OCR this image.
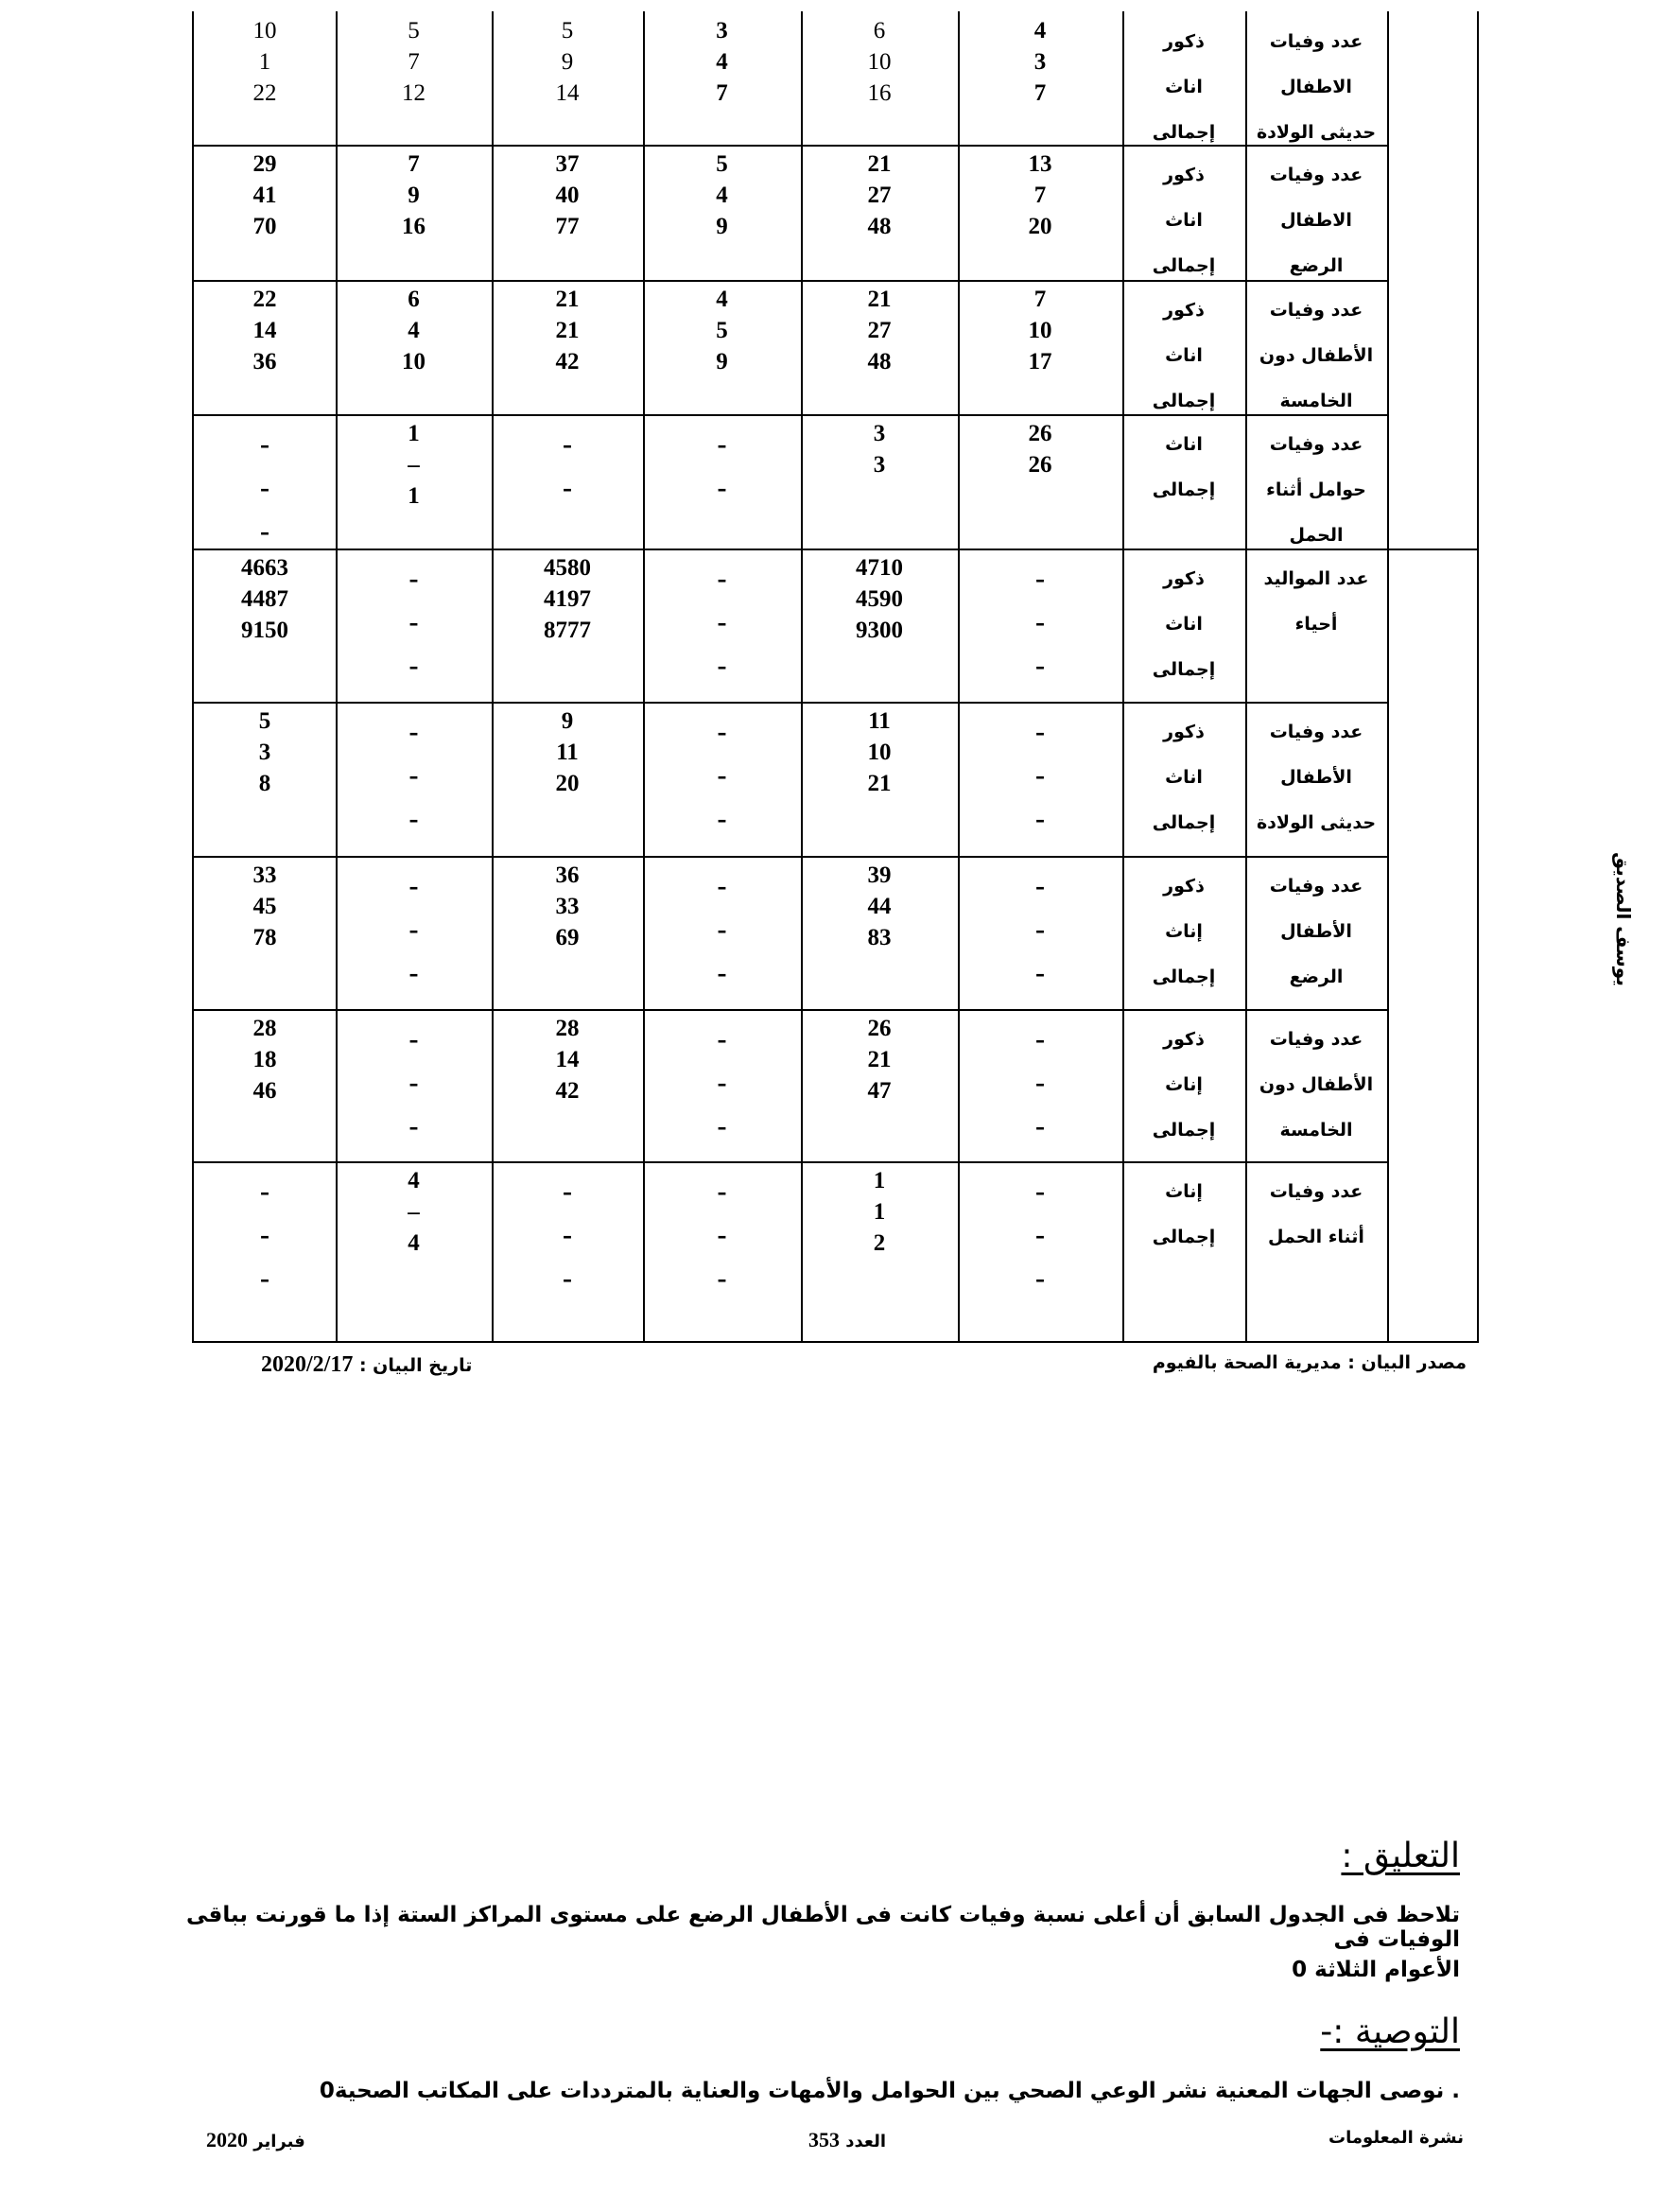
10
1
22
5
7
12
5
9
14
3
4
7
6
10
16
4
3
7
ذكور اناث إجمالى
عدد وفيات الاطفال حديثى الولادة
29
41
70
7
9
16
37
40
77
5
4
9
21
27
48
13
7
20
ذكور اناث إجمالى
عدد وفيات الاطفال الرضع
22
14
36
6
4
10
21
21
42
4
5
9
21
27
48
7
10
17
ذكور اناث إجمالى
عدد وفيات الأطفال دون الخامسة
–
–
–
1
–
1
–
–
–
–
3
3
26
26
اناث إجمالى
عدد وفيات حوامل أثناء الحمل
4663
4487
9150
–
–
–
4580
4197
8777
–
–
–
4710
4590
9300
–
–
–
ذكور اناث إجمالى
عدد المواليد أحياء
5
3
8
–
–
–
9
11
20
–
–
–
11
10
21
–
–
–
ذكور اناث إجمالى
عدد وفيات الأطفال حديثى الولادة
33
45
78
–
–
–
36
33
69
–
–
–
39
44
83
–
–
–
ذكور إناث إجمالى
عدد وفيات الأطفال الرضع
28
18
46
–
–
–
28
14
42
–
–
–
26
21
47
–
–
–
ذكور إناث إجمالى
عدد وفيات الأطفال دون الخامسة
–
–
–
4
–
4
–
–
–
–
–
–
1
1
2
–
–
–
إناث إجمالى
عدد وفيات أثناء الحمل
يوسف الصديق
مصدر البيان : مديرية الصحة بالفيوم
تاريخ البيان : 2020/2/17
التعليق :
تلاحظ فى الجدول السابق أن أعلى نسبة وفيات كانت فى الأطفال الرضع على مستوى المراكز الستة إذا ما قورنت بباقى الوفيات فى
الأعوام الثلاثة 0
التوصية :-
. نوصى الجهات المعنية نشر الوعي الصحي بين الحوامل والأمهات والعناية بالمترددات على المكاتب الصحية0
نشرة المعلومات
العدد 353
فبراير 2020
